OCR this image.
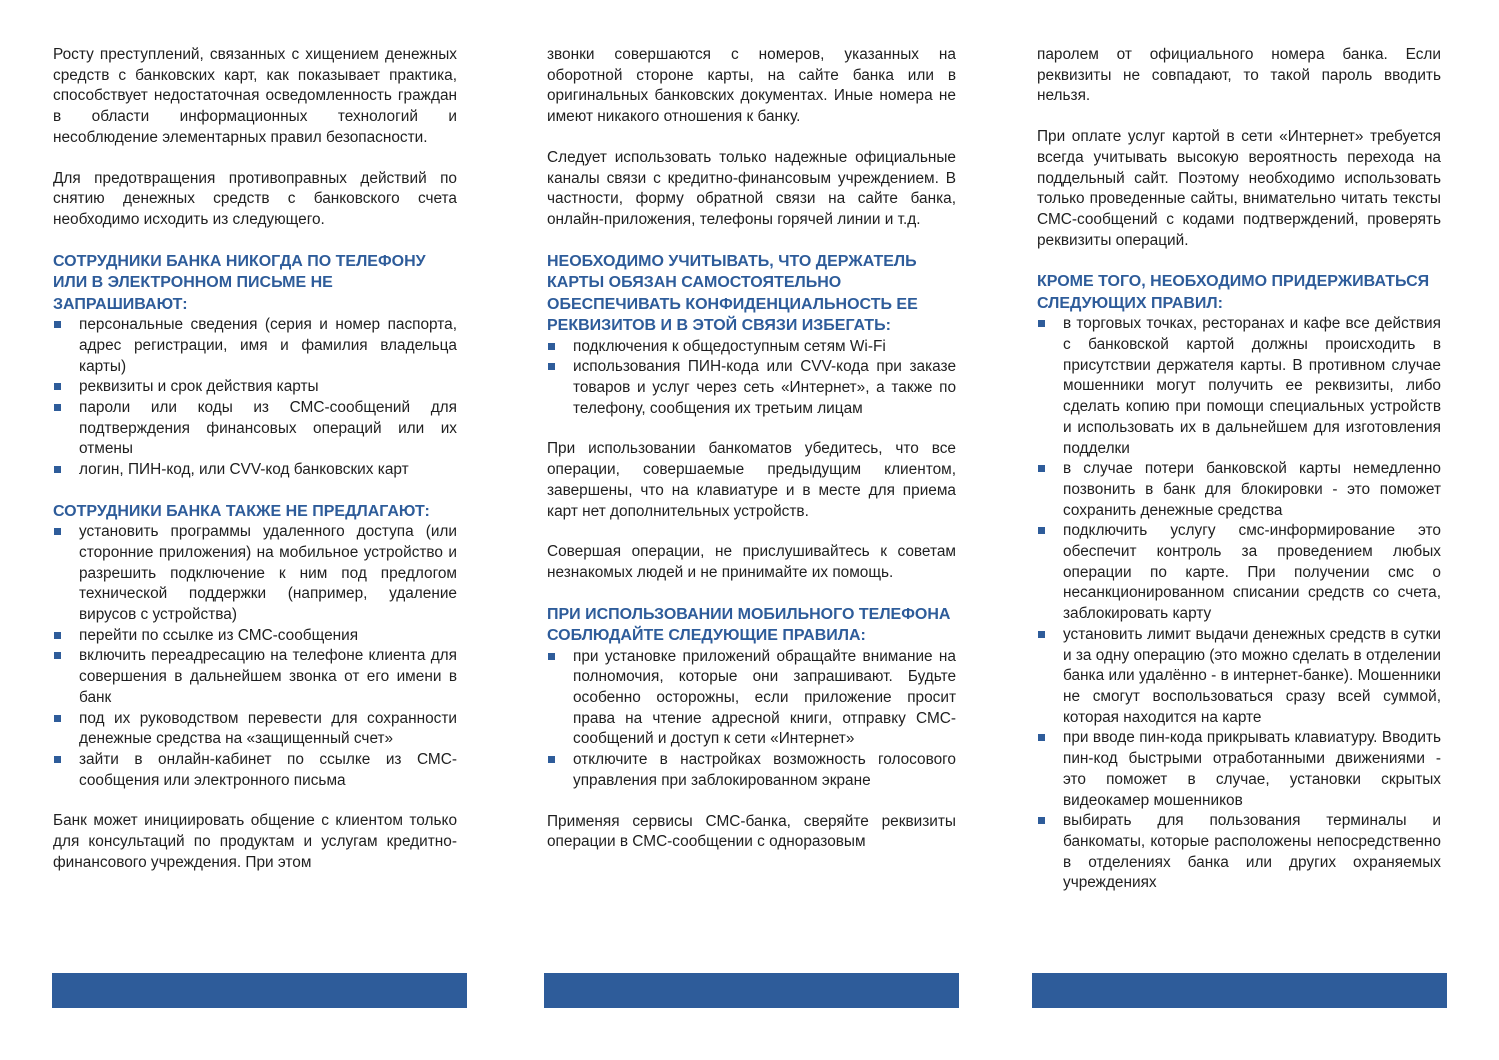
Росту преступлений, связанных с хищением денежных средств с банковских карт, как показывает практика, способствует недостаточная осведомленность граждан в области информационных технологий и несоблюдение элементарных правил безопасности.

Для предотвращения противоправных действий по снятию денежных средств с банковского счета необходимо исходить из следующего.

СОТРУДНИКИ БАНКА НИКОГДА ПО ТЕЛЕФОНУ ИЛИ В ЭЛЕКТРОННОМ ПИСЬМЕ НЕ ЗАПРАШИВАЮТ:
персональные сведения (серия и номер паспорта, адрес регистрации, имя и фамилия владельца карты)
реквизиты и срок действия карты
пароли или коды из СМС-сообщений для подтверждения финансовых операций или их отмены
логин, ПИН-код, или CVV-код банковских карт
СОТРУДНИКИ БАНКА ТАКЖЕ НЕ ПРЕДЛАГАЮТ:
установить программы удаленного доступа (или сторонние приложения) на мобильное устройство и разрешить подключение к ним под предлогом технической поддержки (например, удаление вирусов с устройства)
перейти по ссылке из СМС-сообщения
включить переадресацию на телефоне клиента для совершения в дальнейшем звонка от его имени в банк
под их руководством перевести для сохранности денежные средства на «защищенный счет»
зайти в онлайн-кабинет по ссылке из СМС-сообщения или электронного письма

Банк может инициировать общение с клиентом только для консультаций по продуктам и услугам кредитно-финансового учреждения. При этом

звонки совершаются с номеров, указанных на оборотной стороне карты, на сайте банка или в оригинальных банковских документах. Иные номера не имеют никакого отношения к банку.

Следует использовать только надежные официальные каналы связи с кредитно-финансовым учреждением. В частности, форму обратной связи на сайте банка, онлайн-приложения, телефоны горячей линии и т.д.

НЕОБХОДИМО УЧИТЫВАТЬ, ЧТО ДЕРЖАТЕЛЬ КАРТЫ ОБЯЗАН САМОСТОЯТЕЛЬНО ОБЕСПЕЧИВАТЬ КОНФИДЕНЦИАЛЬНОСТЬ ЕЕ РЕКВИЗИТОВ И В ЭТОЙ СВЯЗИ ИЗБЕГАТЬ:
подключения к общедоступным сетям Wi-Fi
использования ПИН-кода или CVV-кода при заказе товаров и услуг через сеть «Интернет», а также по телефону, сообщения их третьим лицам

При использовании банкоматов убедитесь, что все операции, совершаемые предыдущим клиентом, завершены, что на клавиатуре и в месте для приема карт нет дополнительных устройств.

Совершая операции, не прислушивайтесь к советам незнакомых людей и не принимайте их помощь.

ПРИ ИСПОЛЬЗОВАНИИ МОБИЛЬНОГО ТЕЛЕФОНА СОБЛЮДАЙТЕ СЛЕДУЮЩИЕ ПРАВИЛА:
при установке приложений обращайте внимание на полномочия, которые они запрашивают. Будьте особенно осторожны, если приложение просит права на чтение адресной книги, отправку СМС-сообщений и доступ к сети «Интернет»
отключите в настройках возможность голосового управления при заблокированном экране

Применяя сервисы СМС-банка, сверяйте реквизиты операции в СМС-сообщении с одноразовым

паролем от официального номера банка. Если реквизиты не совпадают, то такой пароль вводить нельзя.

При оплате услуг картой в сети «Интернет» требуется всегда учитывать высокую вероятность перехода на поддельный сайт. Поэтому необходимо использовать только проведенные сайты, внимательно читать тексты СМС-сообщений с кодами подтверждений, проверять реквизиты операций.

КРОМЕ ТОГО, НЕОБХОДИМО ПРИДЕРЖИВАТЬСЯ СЛЕДУЮЩИХ ПРАВИЛ:
в торговых точках, ресторанах и кафе все действия с банковской картой должны происходить в присутствии держателя карты. В противном случае мошенники могут получить ее реквизиты, либо сделать копию при помощи специальных устройств и использовать их в дальнейшем для изготовления подделки
в случае потери банковской карты немедленно позвонить в банк для блокировки - это поможет сохранить денежные средства
подключить услугу смс-информирование это обеспечит контроль за проведением любых операции по карте. При получении смс о несанкционированном списании средств со счета, заблокировать карту
установить лимит выдачи денежных средств в сутки и за одну операцию (это можно сделать в отделении банка или удалённо - в интернет-банке). Мошенники не смогут воспользоваться сразу всей суммой, которая находится на карте
при вводе пин-кода прикрывать клавиатуру. Вводить пин-код быстрыми отработанными движениями - это поможет в случае, установки скрытых видеокамер мошенников
выбирать для пользования терминалы и банкоматы, которые расположены непосредственно в отделениях банка или других охраняемых учреждениях
